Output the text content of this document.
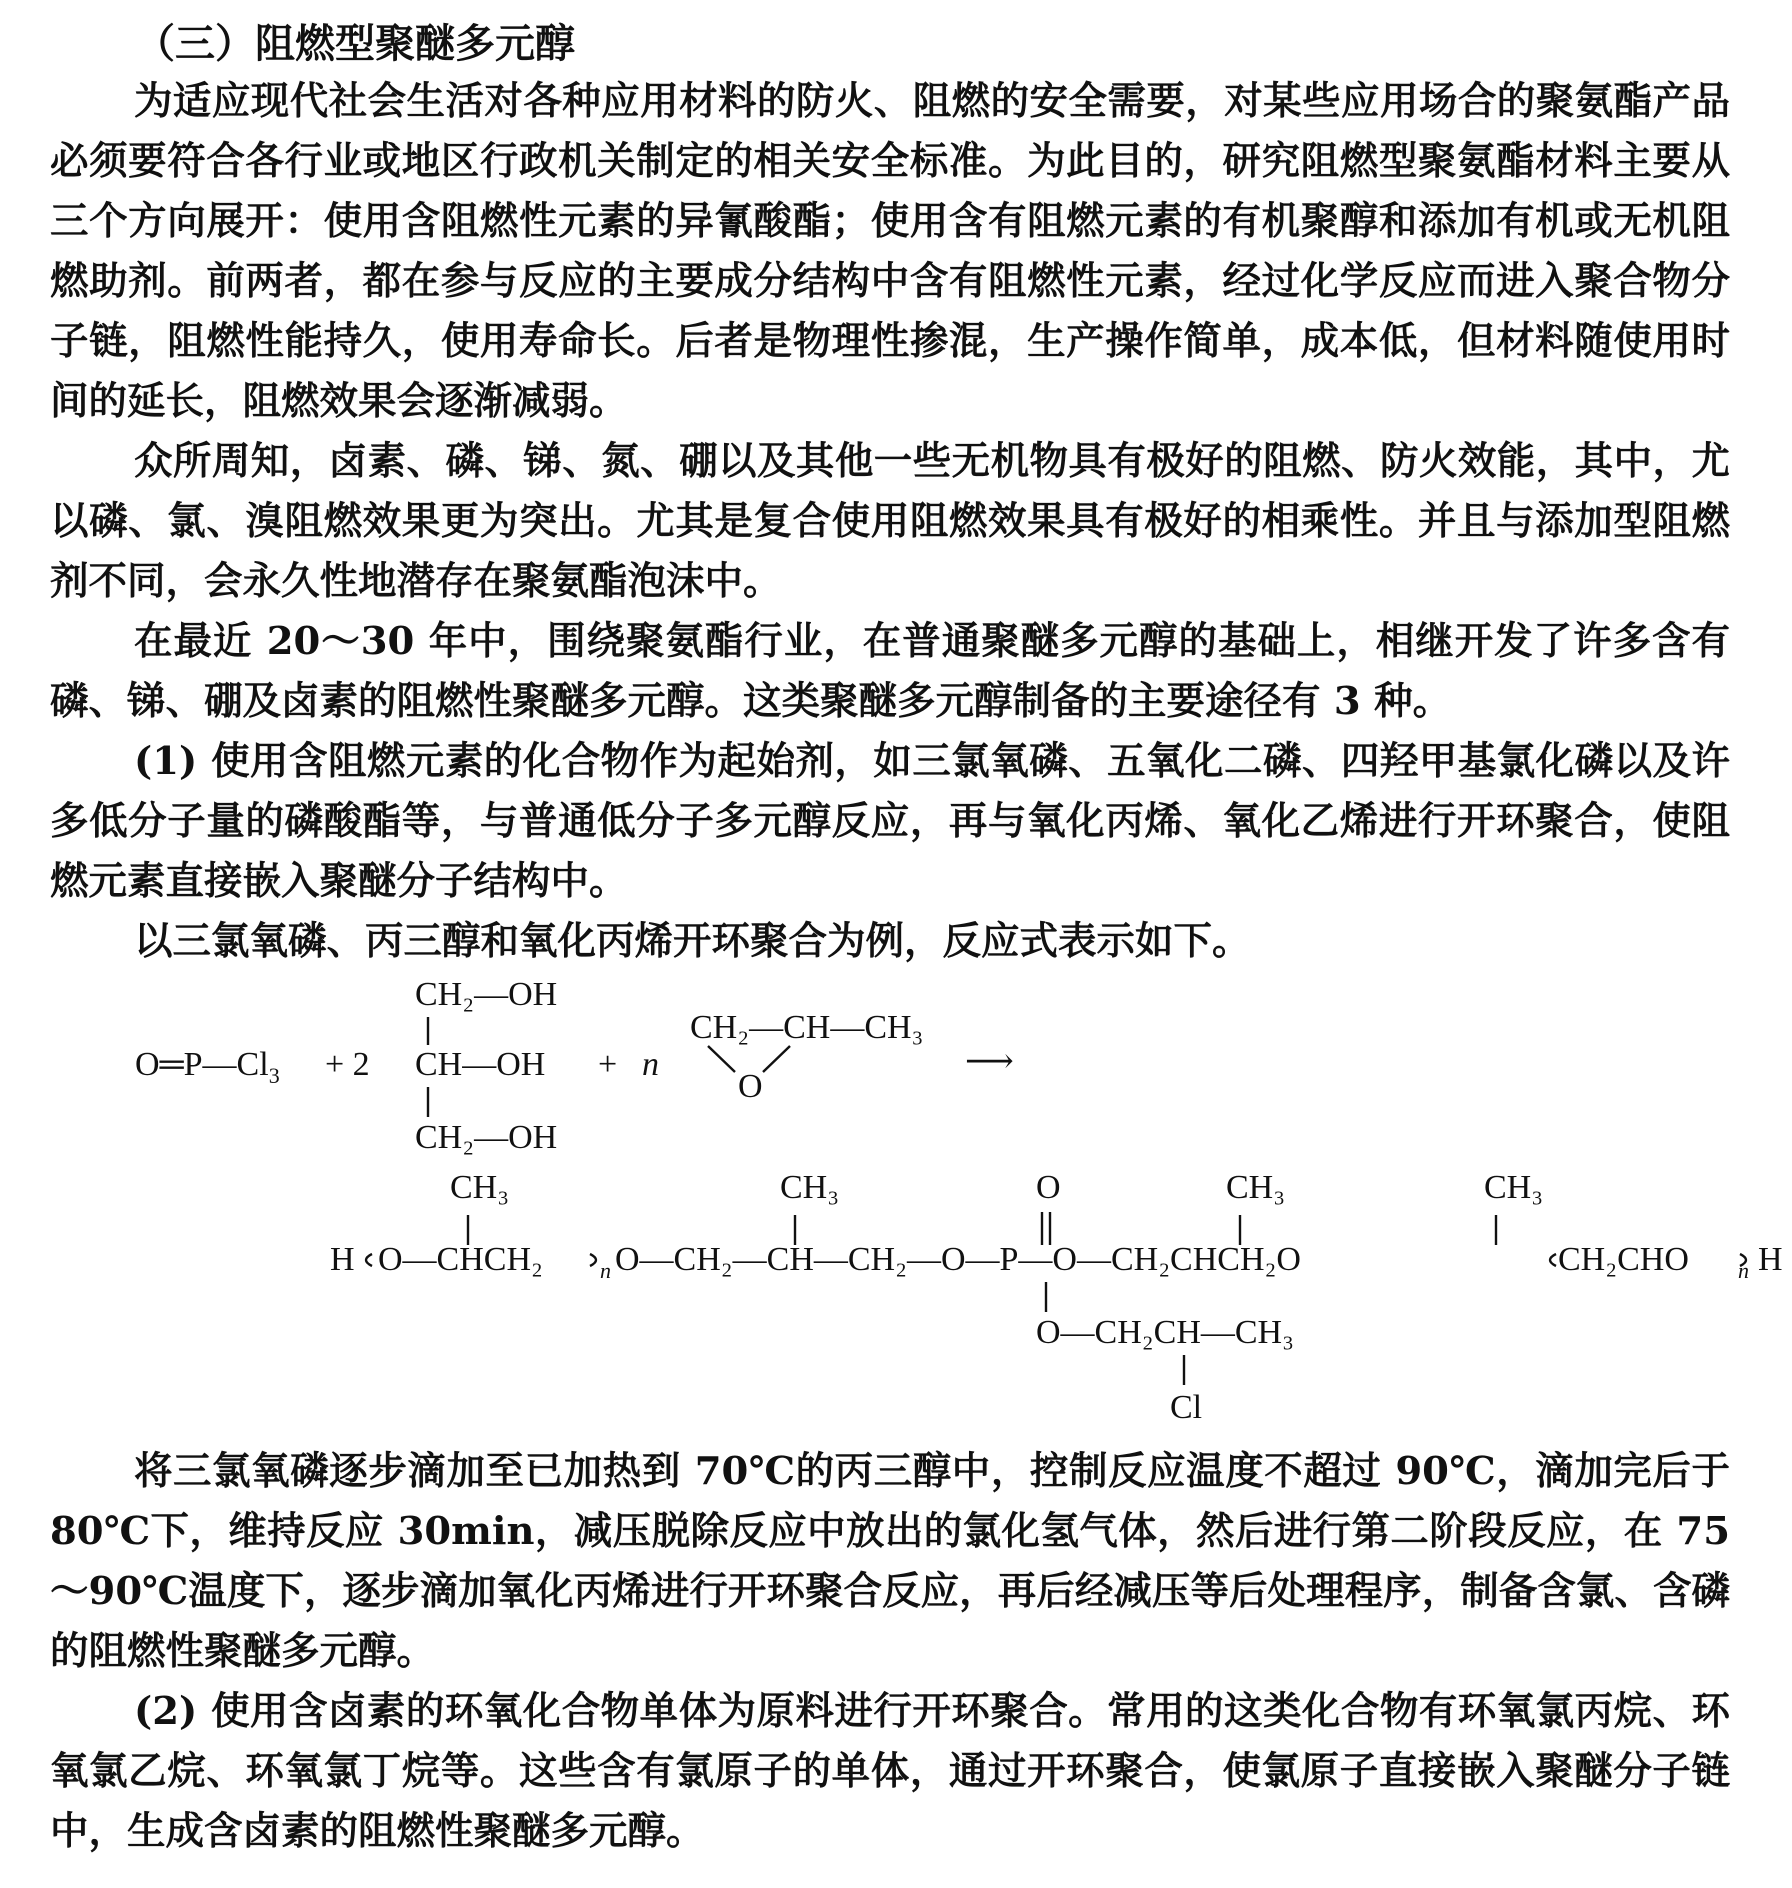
（三）阻燃型聚醚多元醇

为适应现代社会生活对各种应用材料的防火、阻燃的安全需要，对某些应用场合的聚氨酯产品必须要符合各行业或地区行政机关制定的相关安全标准。为此目的，研究阻燃型聚氨酯材料主要从三个方向展开：使用含阻燃性元素的异氰酸酯；使用含有阻燃元素的有机聚醇和添加有机或无机阻燃助剂。前两者，都在参与反应的主要成分结构中含有阻燃性元素，经过化学反应而进入聚合物分子链，阻燃性能持久，使用寿命长。后者是物理性掺混，生产操作简单，成本低，但材料随使用时间的延长，阻燃效果会逐渐减弱。

众所周知，卤素、磷、锑、氮、硼以及其他一些无机物具有极好的阻燃、防火效能，其中，尤以磷、氯、溴阻燃效果更为突出。尤其是复合使用阻燃效果具有极好的相乘性。并且与添加型阻燃剂不同，会永久性地潜存在聚氨酯泡沫中。

在最近 20～30 年中，围绕聚氨酯行业，在普通聚醚多元醇的基础上，相继开发了许多含有磷、锑、硼及卤素的阻燃性聚醚多元醇。这类聚醚多元醇制备的主要途径有 3 种。

(1) 使用含阻燃元素的化合物作为起始剂，如三氯氧磷、五氧化二磷、四羟甲基氯化磷以及许多低分子量的磷酸酯等，与普通低分子多元醇反应，再与氧化丙烯、氧化乙烯进行开环聚合，使阻燃元素直接嵌入聚醚分子结构中。

以三氯氧磷、丙三醇和氧化丙烯开环聚合为例，反应式表示如下。

$O═P—Cl_3 + 2$
CH₂—OH
CH—OH
CH₂—OH
+ n
CH₂—CH—CH₃
O
⟶
CH₃	CH₃	O	CH₃	CH₃
H O—CHCH₂	n O—CH₂—CH—CH₂—O—P—O—CH₂CHCH₂O	CH₂CHO n H
O—CH₂CH—CH₃
Cl

将三氯氧磷逐步滴加至已加热到 70℃的丙三醇中，控制反应温度不超过 90℃，滴加完后于 80℃下，维持反应 30min，减压脱除反应中放出的氯化氢气体，然后进行第二阶段反应，在 75～90℃温度下，逐步滴加氧化丙烯进行开环聚合反应，再后经减压等后处理程序，制备含氯、含磷的阻燃性聚醚多元醇。

(2) 使用含卤素的环氧化合物单体为原料进行开环聚合。常用的这类化合物有环氧氯丙烷、环氧氯乙烷、环氧氯丁烷等。这些含有氯原子的单体，通过开环聚合，使氯原子直接嵌入聚醚分子链中，生成含卤素的阻燃性聚醚多元醇。
